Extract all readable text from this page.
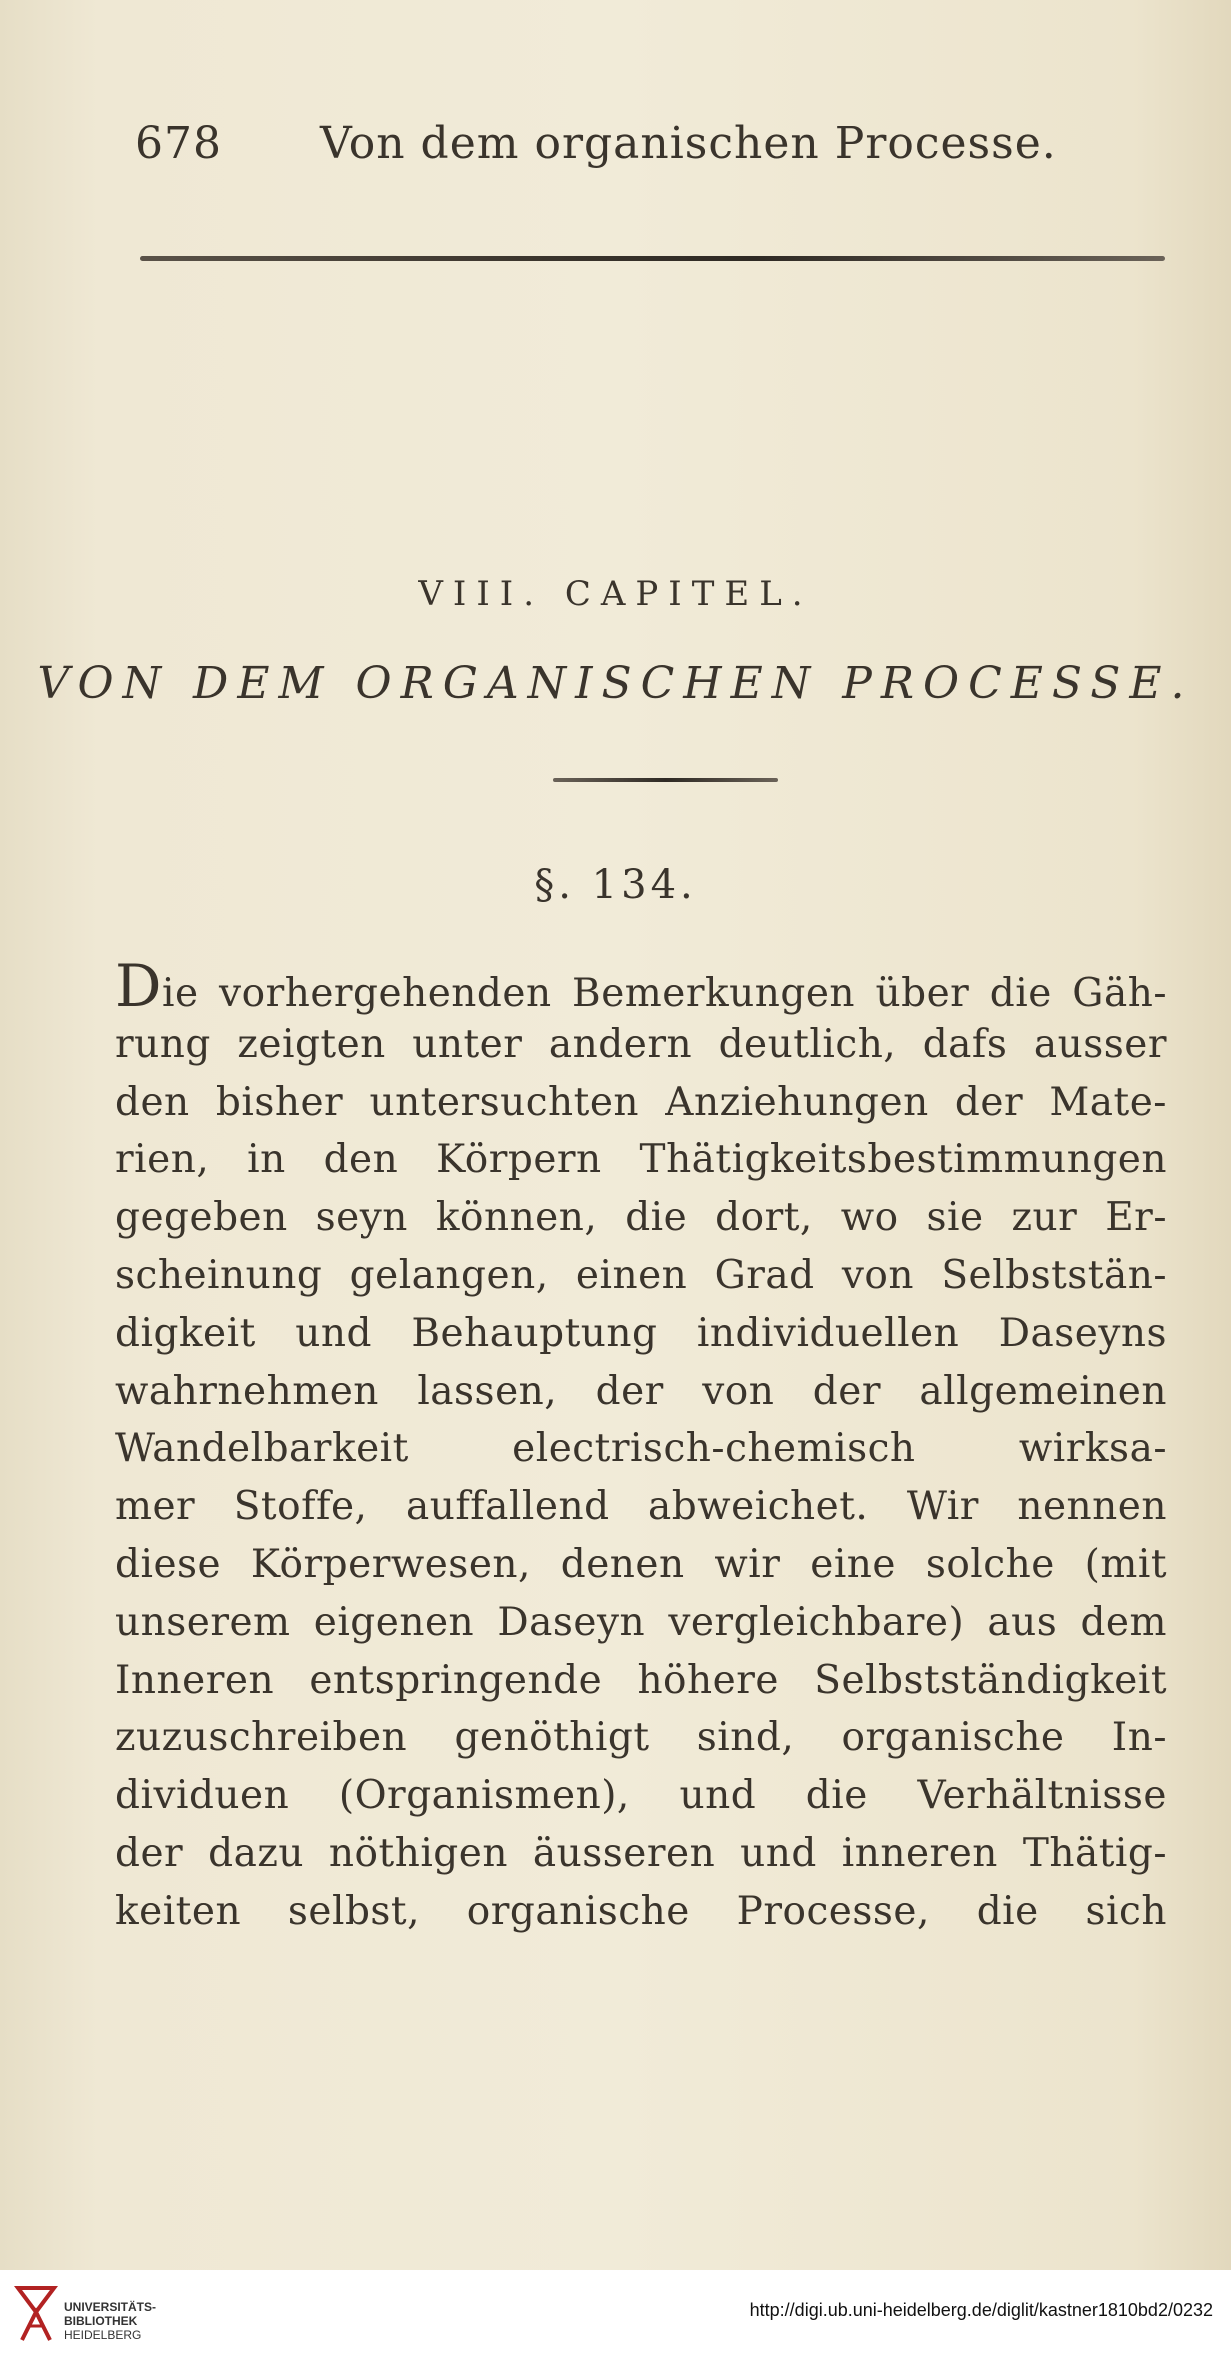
678 Von dem organischen Processe.
VIII. CAPITEL.
VON DEM ORGANISCHEN PROCESSE.
§. 134.
Die vorhergehenden Bemerkungen über die Gäh-
rung zeigten unter andern deutlich, dafs ausser
den bisher untersuchten Anziehungen der Mate-
rien, in den Körpern Thätigkeitsbestimmungen
gegeben seyn können, die dort, wo sie zur Er-
scheinung gelangen, einen Grad von Selbststän-
digkeit und Behauptung individuellen Daseyns
wahrnehmen lassen, der von der allgemeinen
Wandelbarkeit electrisch-chemisch wirksa-
mer Stoffe, auffallend abweichet. Wir nennen
diese Körperwesen, denen wir eine solche (mit
unserem eigenen Daseyn vergleichbare) aus dem
Inneren entspringende höhere Selbstständigkeit
zuzuschreiben genöthigt sind, organische In-
dividuen (Organismen), und die Verhältnisse
der dazu nöthigen äusseren und inneren Thätig-
keiten selbst, organische Processe, die sich
UNIVERSITÄTS-
BIBLIOTHEK
HEIDELBERG
http://digi.ub.uni-heidelberg.de/diglit/kastner1810bd2/0232
